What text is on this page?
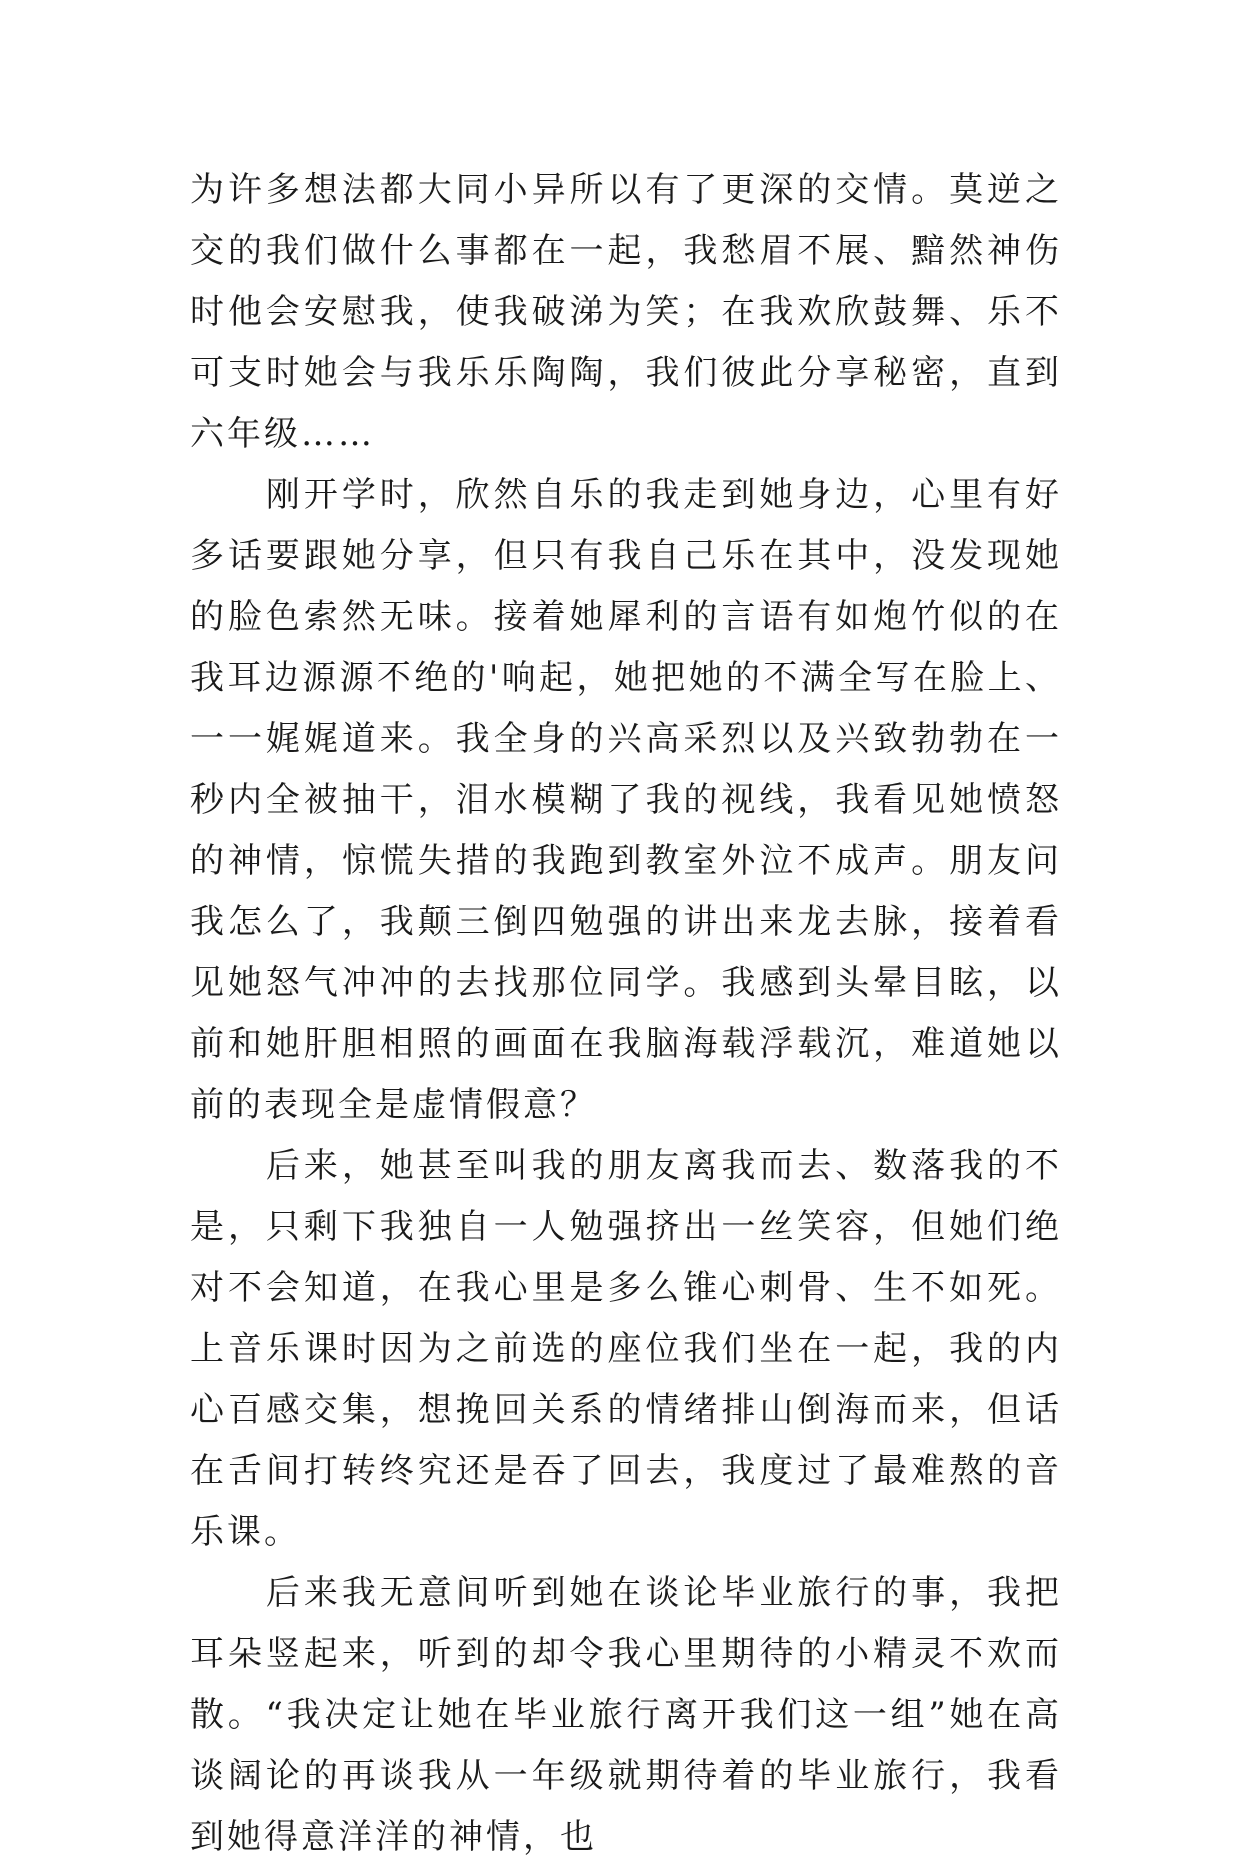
为许多想法都大同小异所以有了更深的交情。莫逆之交的我们做什么事都在一起，我愁眉不展、黯然神伤时他会安慰我，使我破涕为笑；在我欢欣鼓舞、乐不可支时她会与我乐乐陶陶，我们彼此分享秘密，直到六年级……

　　刚开学时，欣然自乐的我走到她身边，心里有好多话要跟她分享，但只有我自己乐在其中，没发现她的脸色索然无味。接着她犀利的言语有如炮竹似的在我耳边源源不绝的'响起，她把她的不满全写在脸上、一一娓娓道来。我全身的兴高采烈以及兴致勃勃在一秒内全被抽干，泪水模糊了我的视线，我看见她愤怒的神情，惊慌失措的我跑到教室外泣不成声。朋友问我怎么了，我颠三倒四勉强的讲出来龙去脉，接着看见她怒气冲冲的去找那位同学。我感到头晕目眩，以前和她肝胆相照的画面在我脑海载浮载沉，难道她以前的表现全是虚情假意？

　　后来，她甚至叫我的朋友离我而去、数落我的不是，只剩下我独自一人勉强挤出一丝笑容，但她们绝对不会知道，在我心里是多么锥心刺骨、生不如死。上音乐课时因为之前选的座位我们坐在一起，我的内心百感交集，想挽回关系的情绪排山倒海而来，但话在舌间打转终究还是吞了回去，我度过了最难熬的音乐课。

　　后来我无意间听到她在谈论毕业旅行的事，我把耳朵竖起来，听到的却令我心里期待的小精灵不欢而散。“我决定让她在毕业旅行离开我们这一组”她在高谈阔论的再谈我从一年级就期待着的毕业旅行，我看到她得意洋洋的神情，也
